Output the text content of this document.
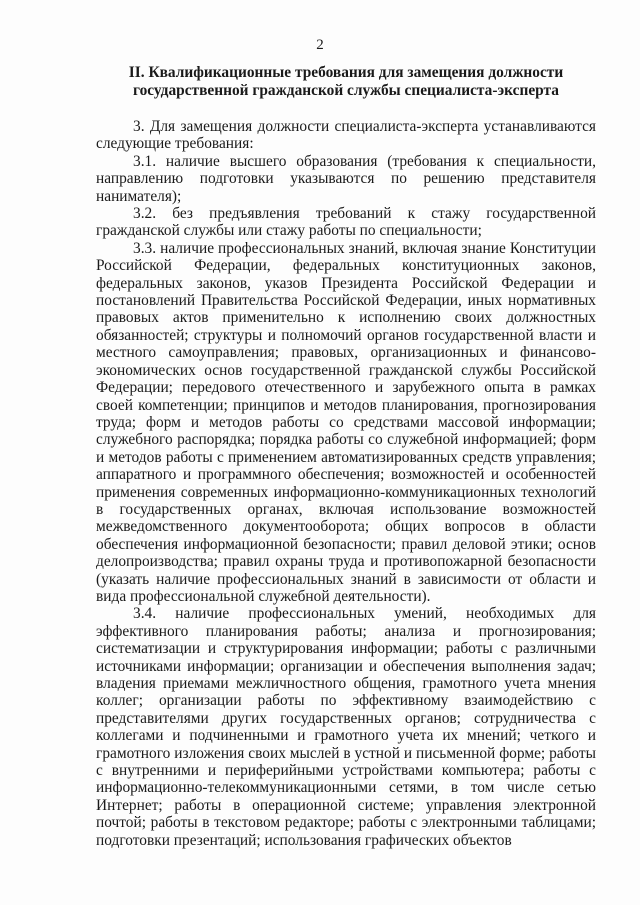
2
II. Квалификационные требования для замещения должности
государственной гражданской службы специалиста-эксперта

3. Для замещения должности специалиста-эксперта устанавливаются следующие требования:

3.1. наличие высшего образования (требования к специальности, направлению подготовки указываются по решению представителя нанимателя);

3.2. без предъявления требований к стажу государственной гражданской службы или стажу работы по специальности;

3.3. наличие профессиональных знаний, включая знание Конституции Российской Федерации, федеральных конституционных законов, федеральных законов, указов Президента Российской Федерации и постановлений Правительства Российской Федерации, иных нормативных правовых актов применительно к исполнению своих должностных обязанностей; структуры и полномочий органов государственной власти и местного самоуправления; правовых, организационных и финансово-экономических основ государственной гражданской службы Российской Федерации; передового отечественного и зарубежного опыта в рамках своей компетенции; принципов и методов планирования, прогнозирования труда; форм и методов работы со средствами массовой информации; служебного распорядка; порядка работы со служебной информацией; форм и методов работы с применением автоматизированных средств управления; аппаратного и программного обеспечения; возможностей и особенностей применения современных информационно-коммуникационных технологий в государственных органах, включая использование возможностей межведомственного документооборота; общих вопросов в области обеспечения информационной безопасности; правил деловой этики; основ делопроизводства; правил охраны труда и противопожарной безопасности (указать наличие профессиональных знаний в зависимости от области и вида профессиональной служебной деятельности).

3.4. наличие профессиональных умений, необходимых для эффективного планирования работы; анализа и прогнозирования; систематизации и структурирования информации; работы с различными источниками информации; организации и обеспечения выполнения задач; владения приемами межличностного общения, грамотного учета мнения коллег; организации работы по эффективному взаимодействию с представителями других государственных органов; сотрудничества с коллегами и подчиненными и грамотного учета их мнений; четкого и грамотного изложения своих мыслей в устной и письменной форме; работы с внутренними и периферийными устройствами компьютера; работы с информационно-телекоммуникационными сетями, в том числе сетью Интернет; работы в операционной системе; управления электронной почтой; работы в текстовом редакторе; работы с электронными таблицами; подготовки презентаций; использования графических объектов
